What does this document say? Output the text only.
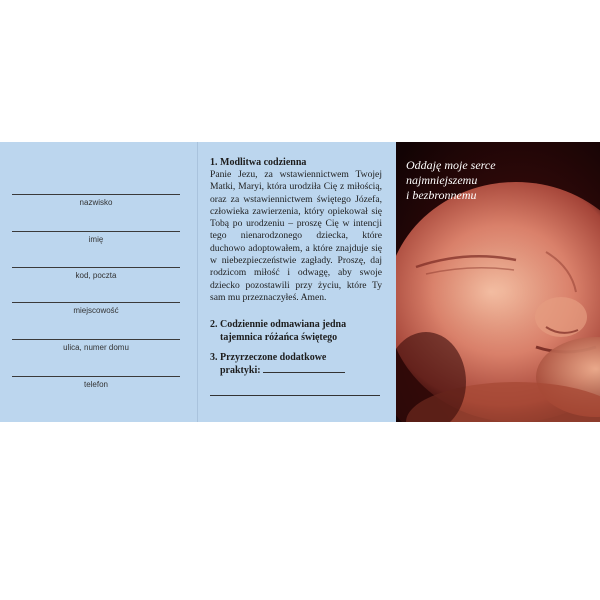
nazwisko
imię
kod, poczta
miejscowość
ulica, numer domu
telefon
1. Modlitwa codzienna

Panie Jezu, za wstawiennictwem Twojej Matki, Maryi, która urodziła Cię z miłością, oraz za wstawiennictwem świętego Józefa, człowieka zawierzenia, który opiekował się Tobą po urodzeniu – proszę Cię w intencji tego nienarodzonego dziecka, które duchowo adoptowałem, a które znajduje się w niebezpieczeństwie zagłady. Proszę, daj rodzicom miłość i odwagę, aby swoje dziecko pozostawili przy życiu, które Ty sam mu przeznaczyłeś. Amen.

2. Codziennie odmawiana jedna
tajemnica różańca świętego
3. Przyrzeczone dodatkowe
praktyki:
Oddaję moje serce
najmniejszemu
i bezbronnemu
